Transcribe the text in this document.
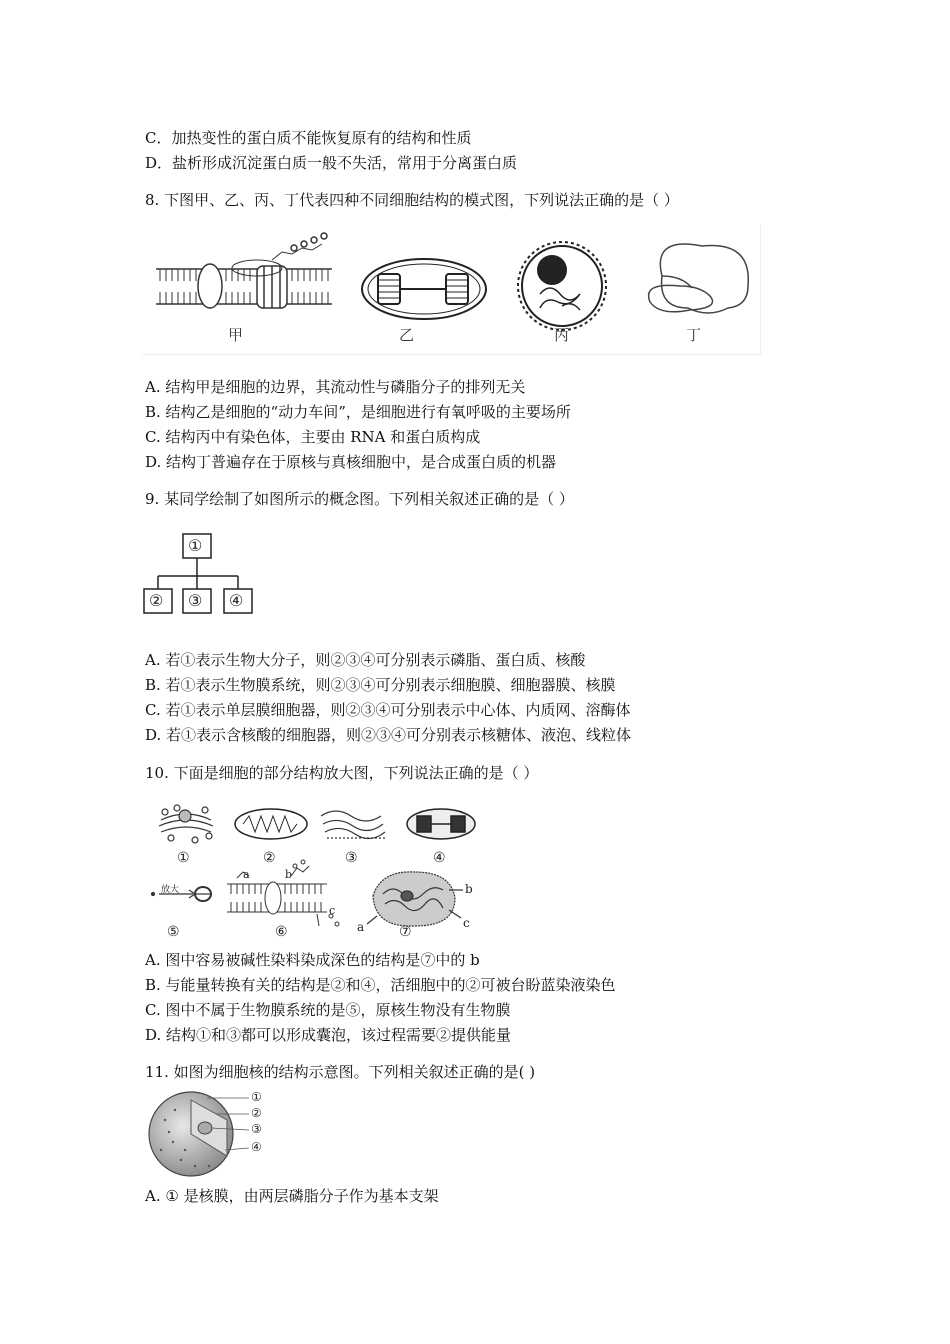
C．加热变性的蛋白质不能恢复原有的结构和性质
D．盐析形成沉淀蛋白质一般不失活，常用于分离蛋白质
8. 下图甲、乙、丙、丁代表四种不同细胞结构的模式图，下列说法正确的是（ ）
甲	乙	丙	丁
A. 结构甲是细胞的边界，其流动性与磷脂分子的排列无关
B. 结构乙是细胞的“动力车间”，是细胞进行有氧呼吸的主要场所
C. 结构丙中有染色体，主要由 RNA 和蛋白质构成
D. 结构丁普遍存在于原核与真核细胞中，是合成蛋白质的机器
9. 某同学绘制了如图所示的概念图。下列相关叙述正确的是（ ）
①
② ③ ④
A. 若①表示生物大分子，则②③④可分别表示磷脂、蛋白质、核酸
B. 若①表示生物膜系统，则②③④可分别表示细胞膜、细胞器膜、核膜
C. 若①表示单层膜细胞器，则②③④可分别表示中心体、内质网、溶酶体
D. 若①表示含核酸的细胞器，则②③④可分别表示核糖体、液泡、线粒体
10. 下面是细胞的部分结构放大图，下列说法正确的是（ ）
①	②	③	④
⑤	⑥	⑦
放大
a	b
c
b
a	c
A. 图中容易被碱性染料染成深色的结构是⑦中的 b
B. 与能量转换有关的结构是②和④，活细胞中的②可被台盼蓝染液染色
C. 图中不属于生物膜系统的是⑤，原核生物没有生物膜
D. 结构①和③都可以形成囊泡，该过程需要②提供能量
11. 如图为细胞核的结构示意图。下列相关叙述正确的是( )
①
②
③
④
A. ① 是核膜，由两层磷脂分子作为基本支架
